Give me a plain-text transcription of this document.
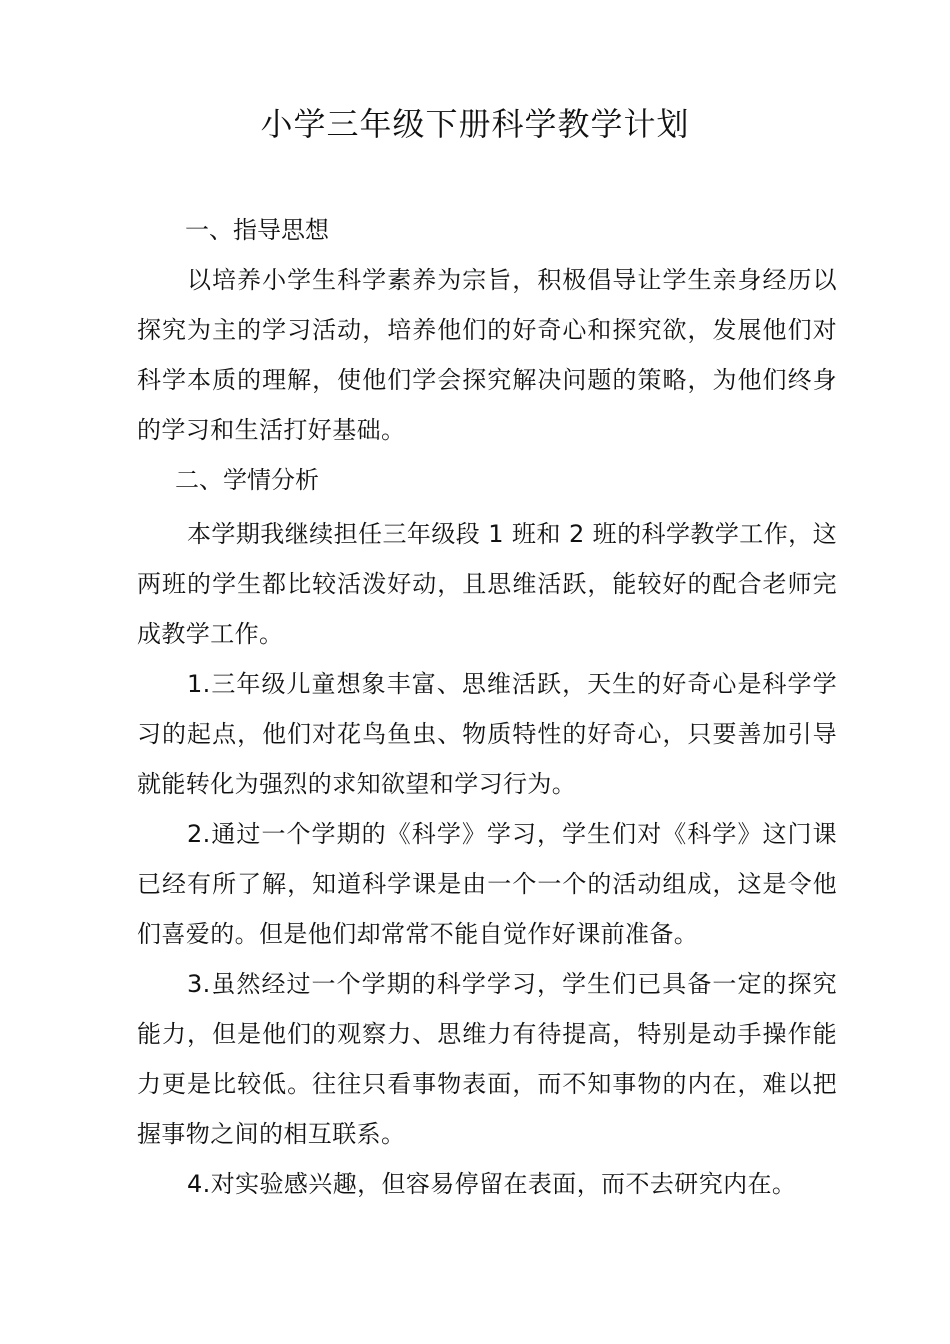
小学三年级下册科学教学计划
一、指导思想

以培养小学生科学素养为宗旨，积极倡导让学生亲身经历以探究为主的学习活动，培养他们的好奇心和探究欲，发展他们对科学本质的理解，使他们学会探究解决问题的策略，为他们终身的学习和生活打好基础。

二、学情分析

本学期我继续担任三年级段 1 班和 2 班的科学教学工作，这两班的学生都比较活泼好动，且思维活跃，能较好的配合老师完成教学工作。

1.三年级儿童想象丰富、思维活跃，天生的好奇心是科学学习的起点，他们对花鸟鱼虫、物质特性的好奇心，只要善加引导就能转化为强烈的求知欲望和学习行为。

2.通过一个学期的《科学》学习，学生们对《科学》这门课已经有所了解，知道科学课是由一个一个的活动组成，这是令他们喜爱的。但是他们却常常不能自觉作好课前准备。

3.虽然经过一个学期的科学学习，学生们已具备一定的探究能力，但是他们的观察力、思维力有待提高，特别是动手操作能力更是比较低。往往只看事物表面，而不知事物的内在，难以把握事物之间的相互联系。

4.对实验感兴趣，但容易停留在表面，而不去研究内在。
